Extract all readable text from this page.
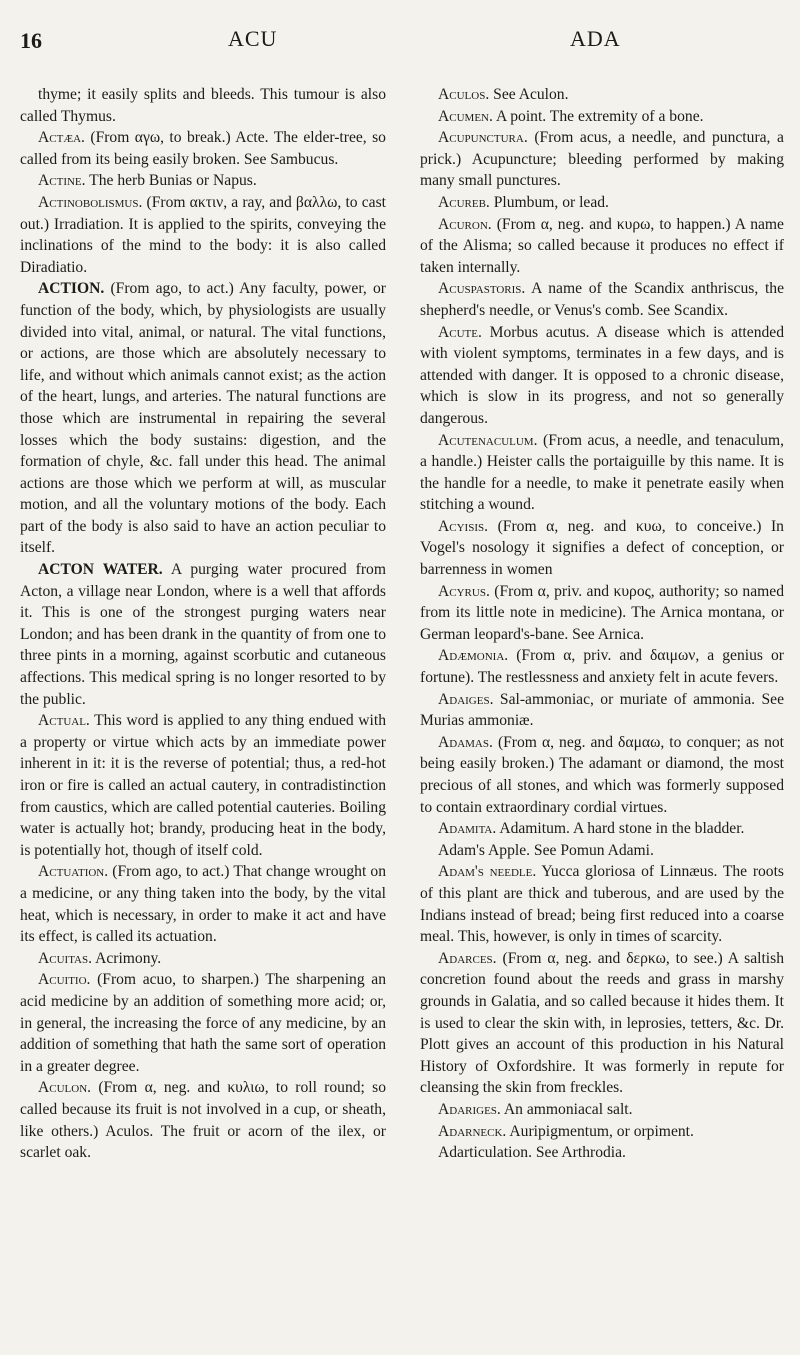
16	ACU	ADA

thyme; it easily splits and bleeds. This tumour is also called Thymus.

Actæa. (From αγω, to break.) Acte. The elder-tree, so called from its being easily broken. See Sambucus.

Actine. The herb Bunias or Napus.

Actinobolismus. (From ακτιν, a ray, and βαλλω, to cast out.) Irradiation. It is applied to the spirits, conveying the inclinations of the mind to the body: it is also called Diradiatio.

ACTION. (From ago, to act.) Any faculty, power, or function of the body, which, by physiologists are usually divided into vital, animal, or natural. The vital functions, or actions, are those which are absolutely necessary to life, and without which animals cannot exist; as the action of the heart, lungs, and arteries. The natural functions are those which are instrumental in repairing the several losses which the body sustains: digestion, and the formation of chyle, &c. fall under this head. The animal actions are those which we perform at will, as muscular motion, and all the voluntary motions of the body. Each part of the body is also said to have an action peculiar to itself.

ACTON WATER. A purging water procured from Acton, a village near London, where is a well that affords it. This is one of the strongest purging waters near London; and has been drank in the quantity of from one to three pints in a morning, against scorbutic and cutaneous affections. This medical spring is no longer resorted to by the public.

Actual. This word is applied to any thing endued with a property or virtue which acts by an immediate power inherent in it: it is the reverse of potential; thus, a red-hot iron or fire is called an actual cautery, in contradistinction from caustics, which are called potential cauteries. Boiling water is actually hot; brandy, producing heat in the body, is potentially hot, though of itself cold.

Actuation. (From ago, to act.) That change wrought on a medicine, or any thing taken into the body, by the vital heat, which is necessary, in order to make it act and have its effect, is called its actuation.

Acuitas. Acrimony.

Acuitio. (From acuo, to sharpen.) The sharpening an acid medicine by an addition of something more acid; or, in general, the increasing the force of any medicine, by an addition of something that hath the same sort of operation in a greater degree.

Aculon. (From α, neg. and κυλιω, to roll round; so called because its fruit is not involved in a cup, or sheath, like others.) Aculos. The fruit or acorn of the ilex, or scarlet oak.

Aculos. See Aculon.

Acumen. A point. The extremity of a bone.

Acupunctura. (From acus, a needle, and punctura, a prick.) Acupuncture; bleeding performed by making many small punctures.

Acureb. Plumbum, or lead.

Acuron. (From α, neg. and κυρω, to happen.) A name of the Alisma; so called because it produces no effect if taken internally.

Acuspastoris. A name of the Scandix anthriscus, the shepherd's needle, or Venus's comb. See Scandix.

Acute. Morbus acutus. A disease which is attended with violent symptoms, terminates in a few days, and is attended with danger. It is opposed to a chronic disease, which is slow in its progress, and not so generally dangerous.

Acutenaculum. (From acus, a needle, and tenaculum, a handle.) Heister calls the portaiguille by this name. It is the handle for a needle, to make it penetrate easily when stitching a wound.

Acyisis. (From α, neg. and κυω, to conceive.) In Vogel's nosology it signifies a defect of conception, or barrenness in women

Acyrus. (From α, priv. and κυρος, authority; so named from its little note in medicine). The Arnica montana, or German leopard's-bane. See Arnica.

Adæmonia. (From α, priv. and δαιμων, a genius or fortune). The restlessness and anxiety felt in acute fevers.

Adaiges. Sal-ammoniac, or muriate of ammonia. See Murias ammoniæ.

Adamas. (From α, neg. and δαμαω, to conquer; as not being easily broken.) The adamant or diamond, the most precious of all stones, and which was formerly supposed to contain extraordinary cordial virtues.

Adamita. Adamitum. A hard stone in the bladder.

Adam's Apple. See Pomun Adami.

Adam's needle. Yucca gloriosa of Linnæus. The roots of this plant are thick and tuberous, and are used by the Indians instead of bread; being first reduced into a coarse meal. This, however, is only in times of scarcity.

Adarces. (From α, neg. and δερκω, to see.) A saltish concretion found about the reeds and grass in marshy grounds in Galatia, and so called because it hides them. It is used to clear the skin with, in leprosies, tetters, &c. Dr. Plott gives an account of this production in his Natural History of Oxfordshire. It was formerly in repute for cleansing the skin from freckles.

Adariges. An ammoniacal salt.

Adarneck. Auripigmentum, or orpiment.

Adarticulation. See Arthrodia.
